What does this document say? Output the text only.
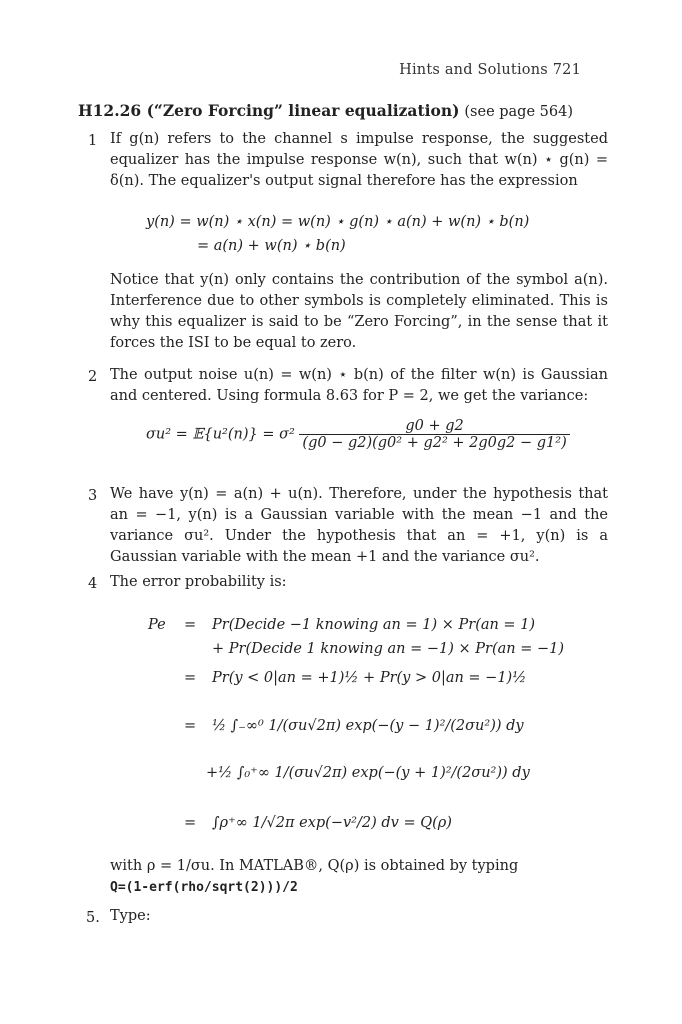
Hints and Solutions 721
H12.26 (“Zero Forcing” linear equalization) (see page 564)
1 If g(n) refers to the channel s impulse response, the suggested equalizer has the impulse response w(n), such that w(n) ⋆ g(n) = δ(n). The equalizer's output signal therefore has the expression
y(n) = w(n) ⋆ x(n) = w(n) ⋆ g(n) ⋆ a(n) + w(n) ⋆ b(n)
= a(n) + w(n) ⋆ b(n)
Notice that y(n) only contains the contribution of the symbol a(n). Interference due to other symbols is completely eliminated. This is why this equalizer is said to be “Zero Forcing”, in the sense that it forces the ISI to be equal to zero.
2 The output noise u(n) = w(n) ⋆ b(n) of the filter w(n) is Gaussian and centered. Using formula 8.63 for P = 2, we get the variance:
σu² = 𝔼{u²(n)} = $\sigma^2 \frac{g0 + g2}{\text{(g0 − g2)(g0² + g2² + 2g0g2 − g1²)}}$
3 We have y(n) = a(n) + u(n). Therefore, under the hypothesis that an = −1, y(n) is a Gaussian variable with the mean −1 and the variance σu². Under the hypothesis that an = +1, y(n) is a Gaussian variable with the mean +1 and the variance σu².
4 The error probability is:
Pe = Pr(Decide −1 knowing an = 1) × Pr(an = 1)
+ Pr(Decide 1 knowing an = −1) × Pr(an = −1)
= Pr(y < 0|an = +1)½ + Pr(y > 0|an = −1)½
= ½ ∫₋∞⁰ 1/(σu√2π) exp(−(y − 1)²/(2σu²)) dy
+½ ∫₀⁺∞ 1/(σu√2π) exp(−(y + 1)²/(2σu²)) dy
= ∫ρ⁺∞ 1/√2π exp(−v²/2) dv = Q(ρ)
with ρ = 1/σu. In MATLAB®, Q(ρ) is obtained by typing
Q=(1-erf(rho/sqrt(2)))/2
5. Type:
